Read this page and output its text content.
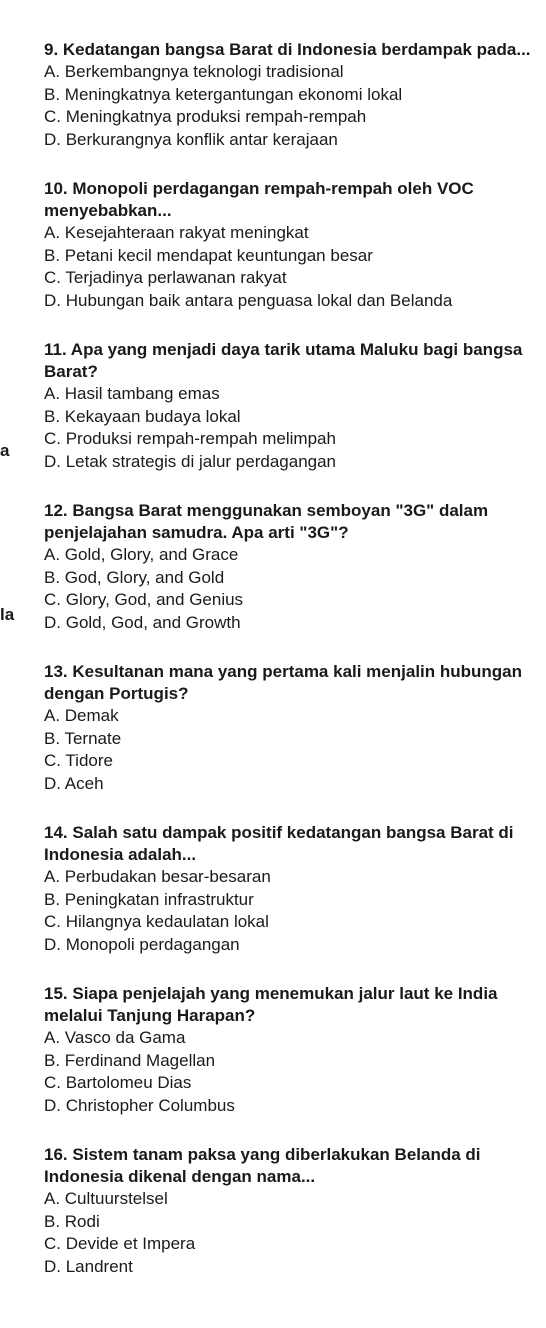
a
la

9. Kedatangan bangsa Barat di Indonesia berdampak pada...

A. Berkembangnya teknologi tradisional
B. Meningkatnya ketergantungan ekonomi lokal
C. Meningkatnya produksi rempah-rempah
D. Berkurangnya konflik antar kerajaan

10. Monopoli perdagangan rempah-rempah oleh VOC menyebabkan...

A. Kesejahteraan rakyat meningkat
B. Petani kecil mendapat keuntungan besar
C. Terjadinya perlawanan rakyat
D. Hubungan baik antara penguasa lokal dan Belanda

11. Apa yang menjadi daya tarik utama Maluku bagi bangsa Barat?

A. Hasil tambang emas
B. Kekayaan budaya lokal
C. Produksi rempah-rempah melimpah
D. Letak strategis di jalur perdagangan

12. Bangsa Barat menggunakan semboyan "3G" dalam penjelajahan samudra. Apa arti "3G"?

A. Gold, Glory, and Grace
B. God, Glory, and Gold
C. Glory, God, and Genius
D. Gold, God, and Growth

13. Kesultanan mana yang pertama kali menjalin hubungan dengan Portugis?

A. Demak
B. Ternate
C. Tidore
D. Aceh

14. Salah satu dampak positif kedatangan bangsa Barat di Indonesia adalah...

A. Perbudakan besar-besaran
B. Peningkatan infrastruktur
C. Hilangnya kedaulatan lokal
D. Monopoli perdagangan

15. Siapa penjelajah yang menemukan jalur laut ke India melalui Tanjung Harapan?

A. Vasco da Gama
B. Ferdinand Magellan
C. Bartolomeu Dias
D. Christopher Columbus

16. Sistem tanam paksa yang diberlakukan Belanda di Indonesia dikenal dengan nama...

A. Cultuurstelsel
B. Rodi
C. Devide et Impera
D. Landrent
